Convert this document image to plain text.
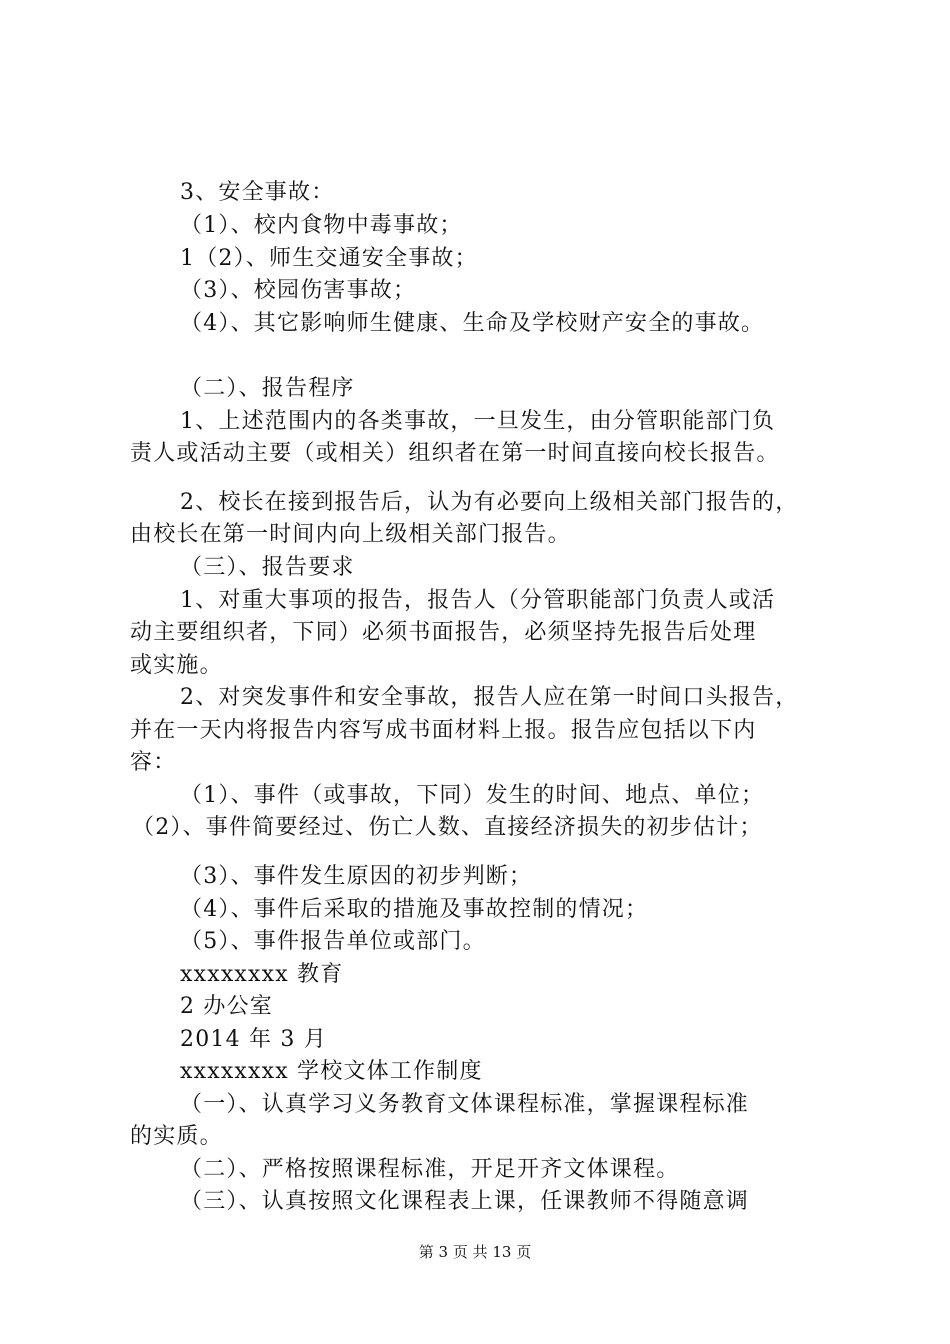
3、安全事故：
（1）、校内食物中毒事故；
1（2）、师生交通安全事故；
（3）、校园伤害事故；
（4）、其它影响师生健康、生命及学校财产安全的事故。
（二）、报告程序
1、上述范围内的各类事故，一旦发生，由分管职能部门负
责人或活动主要（或相关）组织者在第一时间直接向校长报告。
2、校长在接到报告后，认为有必要向上级相关部门报告的，
由校长在第一时间内向上级相关部门报告。
（三）、报告要求
1、对重大事项的报告，报告人（分管职能部门负责人或活
动主要组织者，下同）必须书面报告，必须坚持先报告后处理
或实施。
2、对突发事件和安全事故，报告人应在第一时间口头报告，
并在一天内将报告内容写成书面材料上报。报告应包括以下内
容：
（1）、事件（或事故，下同）发生的时间、地点、单位；
（2）、事件简要经过、伤亡人数、直接经济损失的初步估计；
（3）、事件发生原因的初步判断；
（4）、事件后采取的措施及事故控制的情况；
（5）、事件报告单位或部门。
xxxxxxxx 教育
2 办公室
2014 年 3 月
xxxxxxxx 学校文体工作制度
（一）、认真学习义务教育文体课程标准，掌握课程标准
的实质。
（二）、严格按照课程标准，开足开齐文体课程。
（三）、认真按照文化课程表上课，任课教师不得随意调
第 3 页 共 13 页
